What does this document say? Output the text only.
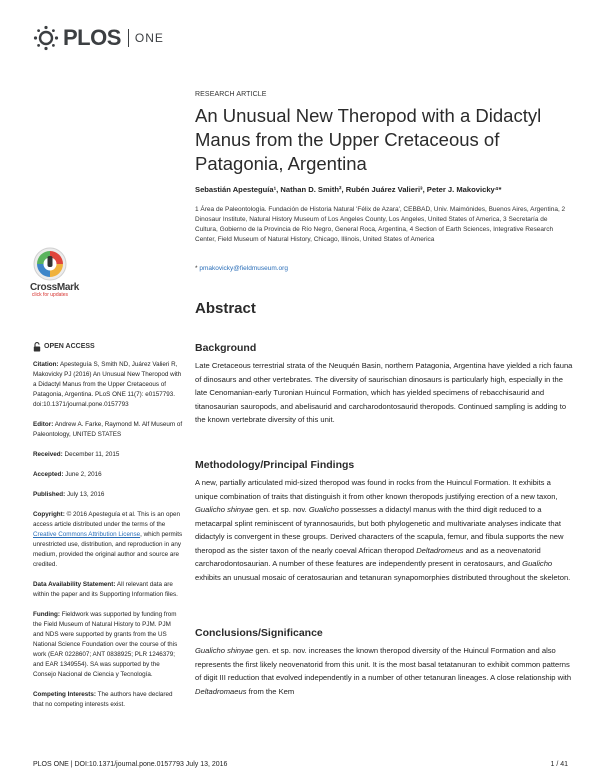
PLOS ONE
CrossMark
click for updates
OPEN ACCESS

Citation: Apesteguía S, Smith ND, Juárez Valieri R, Makovicky PJ (2016) An Unusual New Theropod with a Didactyl Manus from the Upper Cretaceous of Patagonia, Argentina. PLoS ONE 11(7): e0157793. doi:10.1371/journal.pone.0157793

Editor: Andrew A. Farke, Raymond M. Alf Museum of Paleontology, UNITED STATES

Received: December 11, 2015

Accepted: June 2, 2016

Published: July 13, 2016

Copyright: © 2016 Apesteguía et al. This is an open access article distributed under the terms of the Creative Commons Attribution License, which permits unrestricted use, distribution, and reproduction in any medium, provided the original author and source are credited.

Data Availability Statement: All relevant data are within the paper and its Supporting Information files.

Funding: Fieldwork was supported by funding from the Field Museum of Natural History to PJM. PJM and NDS were supported by grants from the US National Science Foundation over the course of this work (EAR 0228607; ANT 0838925; PLR 1246379; and EAR 1349554). SA was supported by the Consejo Nacional de Ciencia y Tecnología.

Competing Interests: The authors have declared that no competing interests exist.

RESEARCH ARTICLE
An Unusual New Theropod with a Didactyl Manus from the Upper Cretaceous of Patagonia, Argentina
Sebastián Apesteguía¹, Nathan D. Smith², Rubén Juárez Valieri³, Peter J. Makovicky⁴*
1 Área de Paleontología. Fundación de Historia Natural 'Félix de Azara', CEBBAD, Univ. Maimónides, Buenos Aires, Argentina, 2 Dinosaur Institute, Natural History Museum of Los Angeles County, Los Angeles, United States of America, 3 Secretaría de Cultura, Gobierno de la Provincia de Río Negro, General Roca, Argentina, 4 Section of Earth Sciences, Integrative Research Center, Field Museum of Natural History, Chicago, Illinois, United States of America
* pmakovicky@fieldmuseum.org
Abstract
Background

Late Cretaceous terrestrial strata of the Neuquén Basin, northern Patagonia, Argentina have yielded a rich fauna of dinosaurs and other vertebrates. The diversity of saurischian dinosaurs is particularly high, especially in the late Cenomanian-early Turonian Huincul Formation, which has yielded specimens of rebacchisaurid and titanosaurian sauropods, and abelisaurid and carcharodontosaurid theropods. Continued sampling is adding to the known vertebrate diversity of this unit.

Methodology/Principal Findings

A new, partially articulated mid-sized theropod was found in rocks from the Huincul Formation. It exhibits a unique combination of traits that distinguish it from other known theropods justifying erection of a new taxon, Gualicho shinyae gen. et sp. nov. Gualicho possesses a didactyl manus with the third digit reduced to a metacarpal splint reminiscent of tyrannosaurids, but both phylogenetic and multivariate analyses indicate that didactyly is convergent in these groups. Derived characters of the scapula, femur, and fibula supports the new theropod as the sister taxon of the nearly coeval African theropod Deltadromeus and as a neovenatorid carcharodontosaurian. A number of these features are independently present in ceratosaurs, and Gualicho exhibits an unusual mosaic of ceratosaurian and tetanuran synapomorphies distributed throughout the skeleton.

Conclusions/Significance

Gualicho shinyae gen. et sp. nov. increases the known theropod diversity of the Huincul Formation and also represents the first likely neovenatorid from this unit. It is the most basal tetatanuran to exhibit common patterns of digit III reduction that evolved independently in a number of other tetanuran lineages. A close relationship with Deltadromaeus from the Kem

PLOS ONE | DOI:10.1371/journal.pone.0157793 July 13, 2016	1 / 41
